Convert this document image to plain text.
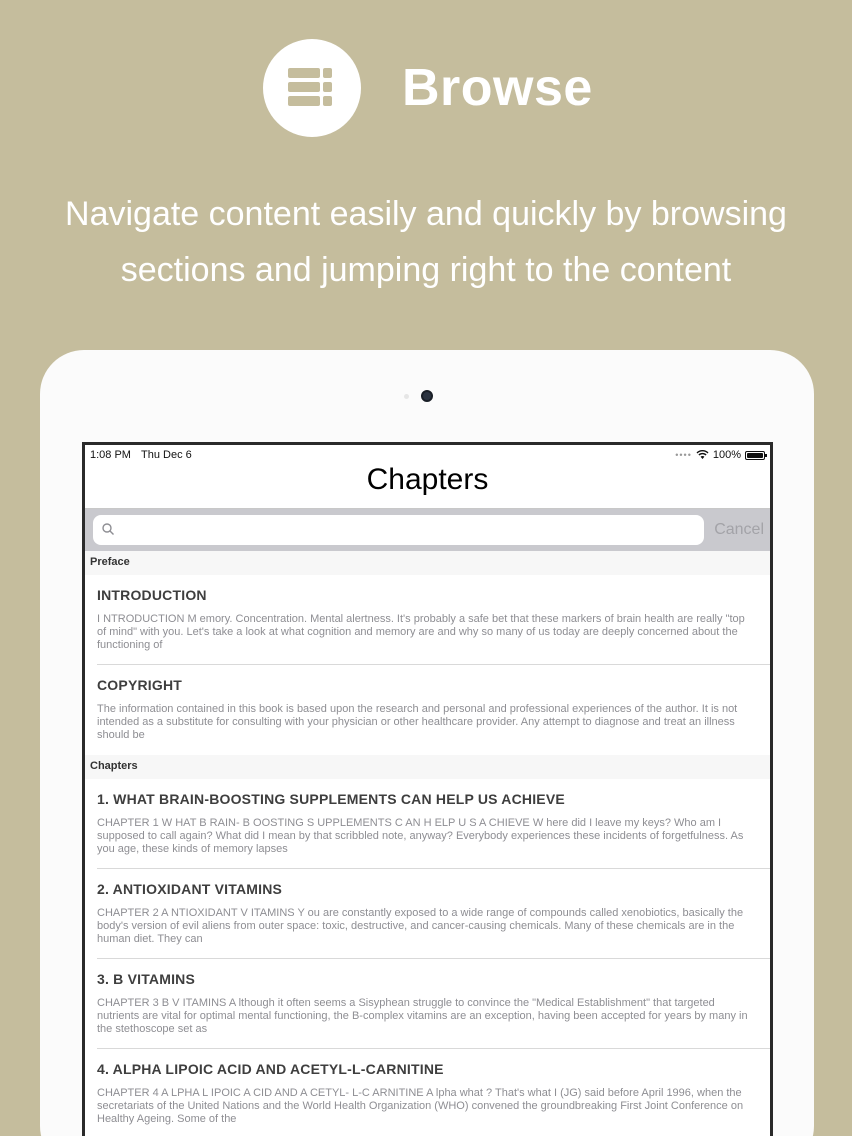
Browse
Navigate content easily and quickly by browsing sections and jumping right to the content
1:08 PM Thu Dec 6	•••• 100%
Chapters
Cancel
Preface
INTRODUCTION
I NTRODUCTION M emory. Concentration. Mental alertness. It's probably a safe bet that these markers of brain health are really "top of mind" with you. Let's take a look at what cognition and memory are and why so many of us today are deeply concerned about the functioning of
COPYRIGHT
The information contained in this book is based upon the research and personal and professional experiences of the author. It is not intended as a substitute for consulting with your physician or other healthcare provider. Any attempt to diagnose and treat an illness should be
Chapters
1. WHAT BRAIN-BOOSTING SUPPLEMENTS CAN HELP US ACHIEVE
CHAPTER 1 W HAT B RAIN- B OOSTING S UPPLEMENTS C AN H ELP U S A CHIEVE W here did I leave my keys? Who am I supposed to call again? What did I mean by that scribbled note, anyway? Everybody experiences these incidents of forgetfulness. As you age, these kinds of memory lapses
2. ANTIOXIDANT VITAMINS
CHAPTER 2 A NTIOXIDANT V ITAMINS Y ou are constantly exposed to a wide range of compounds called xenobiotics, basically the body's version of evil aliens from outer space: toxic, destructive, and cancer-causing chemicals. Many of these chemicals are in the human diet. They can
3. B VITAMINS
CHAPTER 3 B V ITAMINS A lthough it often seems a Sisyphean struggle to convince the "Medical Establishment" that targeted nutrients are vital for optimal mental functioning, the B-complex vitamins are an exception, having been accepted for years by many in the stethoscope set as
4. ALPHA LIPOIC ACID AND ACETYL-L-CARNITINE
CHAPTER 4 A LPHA L IPOIC A CID AND A CETYL- L-C ARNITINE A lpha what ? That's what I (JG) said before April 1996, when the secretariats of the United Nations and the World Health Organization (WHO) convened the groundbreaking First Joint Conference on Healthy Ageing. Some of the
